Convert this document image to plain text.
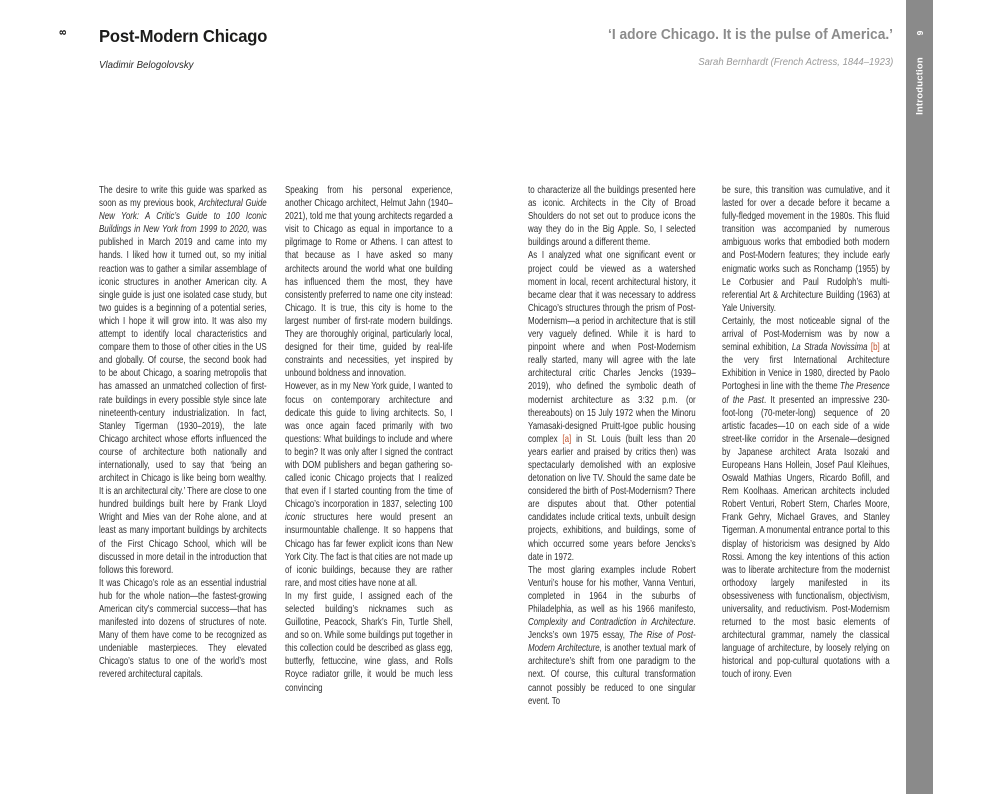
8 Post-Modern Chicago
Vladimir Belogolovsky
‘I adore Chicago. It is the pulse of America.’
Sarah Bernhardt (French Actress, 1844–1923)
9
Introduction

The desire to write this guide was sparked as soon as my previous book, Architectural Guide New York: A Critic’s Guide to 100 Iconic Buildings in New York from 1999 to 2020, was published in March 2019 and came into my hands. I liked how it turned out, so my initial reaction was to gather a similar assemblage of iconic structures in another American city. A single guide is just one isolated case study, but two guides is a beginning of a potential series, which I hope it will grow into. It was also my attempt to identify local characteristics and compare them to those of other cities in the US and globally. Of course, the second book had to be about Chicago, a soaring metropolis that has amassed an unmatched collection of first-rate buildings in every possible style since late nineteenth-century industrialization. In fact, Stanley Tigerman (1930–2019), the late Chicago architect whose efforts influenced the course of architecture both nationally and internationally, used to say that ‘being an architect in Chicago is like being born wealthy. It is an architectural city.’ There are close to one hundred buildings built here by Frank Lloyd Wright and Mies van der Rohe alone, and at least as many important buildings by architects of the First Chicago School, which will be discussed in more detail in the introduction that follows this foreword.

It was Chicago’s role as an essential industrial hub for the whole nation—the fastest-growing American city’s commercial success—that has manifested into dozens of structures of note. Many of them have come to be recognized as undeniable masterpieces. They elevated Chicago’s status to one of the world’s most revered architectural capitals.

Speaking from his personal experience, another Chicago architect, Helmut Jahn (1940–2021), told me that young architects regarded a visit to Chicago as equal in importance to a pilgrimage to Rome or Athens. I can attest to that because as I have asked so many architects around the world what one building has influenced them the most, they have consistently preferred to name one city instead: Chicago. It is true, this city is home to the largest number of first-rate modern buildings. They are thoroughly original, particularly local, designed for their time, guided by real-life constraints and necessities, yet inspired by unbound boldness and innovation.

However, as in my New York guide, I wanted to focus on contemporary architecture and dedicate this guide to living architects. So, I was once again faced primarily with two questions: What buildings to include and where to begin? It was only after I signed the contract with DOM publishers and began gathering so-called iconic Chicago projects that I realized that even if I started counting from the time of Chicago’s incorporation in 1837, selecting 100 iconic structures here would present an insurmountable challenge. It so happens that Chicago has far fewer explicit icons than New York City. The fact is that cities are not made up of iconic buildings, because they are rather rare, and most cities have none at all.

In my first guide, I assigned each of the selected building’s nicknames such as Guillotine, Peacock, Shark’s Fin, Turtle Shell, and so on. While some buildings put together in this collection could be described as glass egg, butterfly, fettuccine, wine glass, and Rolls Royce radiator grille, it would be much less convincing

to characterize all the buildings presented here as iconic. Architects in the City of Broad Shoulders do not set out to produce icons the way they do in the Big Apple. So, I selected buildings around a different theme.

As I analyzed what one significant event or project could be viewed as a watershed moment in local, recent architectural history, it became clear that it was necessary to address Chicago’s structures through the prism of Post-Modernism—a period in architecture that is still very vaguely defined. While it is hard to pinpoint where and when Post-Modernism really started, many will agree with the late architectural critic Charles Jencks (1939–2019), who defined the symbolic death of modernist architecture as 3:32 p.m. (or thereabouts) on 15 July 1972 when the Minoru Yamasaki-designed Pruitt-Igoe public housing complex [a] in St. Louis (built less than 20 years earlier and praised by critics then) was spectacularly demolished with an explosive detonation on live TV. Should the same date be considered the birth of Post-Modernism? There are disputes about that. Other potential candidates include critical texts, unbuilt design projects, exhibitions, and buildings, some of which occurred some years before Jencks’s date in 1972.

The most glaring examples include Robert Venturi’s house for his mother, Vanna Venturi, completed in 1964 in the suburbs of Philadelphia, as well as his 1966 manifesto, Complexity and Contradiction in Architecture. Jencks’s own 1975 essay, The Rise of Post-Modern Architecture, is another textual mark of architecture’s shift from one paradigm to the next. Of course, this cultural transformation cannot possibly be reduced to one singular event. To

be sure, this transition was cumulative, and it lasted for over a decade before it became a fully-fledged movement in the 1980s. This fluid transition was accompanied by numerous ambiguous works that embodied both modern and Post-Modern features; they include early enigmatic works such as Ronchamp (1955) by Le Corbusier and Paul Rudolph’s multi-referential Art & Architecture Building (1963) at Yale University.

Certainly, the most noticeable signal of the arrival of Post-Modernism was by now a seminal exhibition, La Strada Novissima [b] at the very first International Architecture Exhibition in Venice in 1980, directed by Paolo Portoghesi in line with the theme The Presence of the Past. It presented an impressive 230-foot-long (70-meter-long) sequence of 20 artistic facades—10 on each side of a wide street-like corridor in the Arsenale—designed by Japanese architect Arata Isozaki and Europeans Hans Hollein, Josef Paul Kleihues, Oswald Mathias Ungers, Ricardo Bofill, and Rem Koolhaas. American architects included Robert Venturi, Robert Stern, Charles Moore, Frank Gehry, Michael Graves, and Stanley Tigerman. A monumental entrance portal to this display of historicism was designed by Aldo Rossi. Among the key intentions of this action was to liberate architecture from the modernist orthodoxy largely manifested in its obsessiveness with functionalism, objectivism, universality, and reductivism. Post-Modernism returned to the most basic elements of architectural grammar, namely the classical language of architecture, by loosely relying on historical and pop-cultural quotations with a touch of irony. Even
